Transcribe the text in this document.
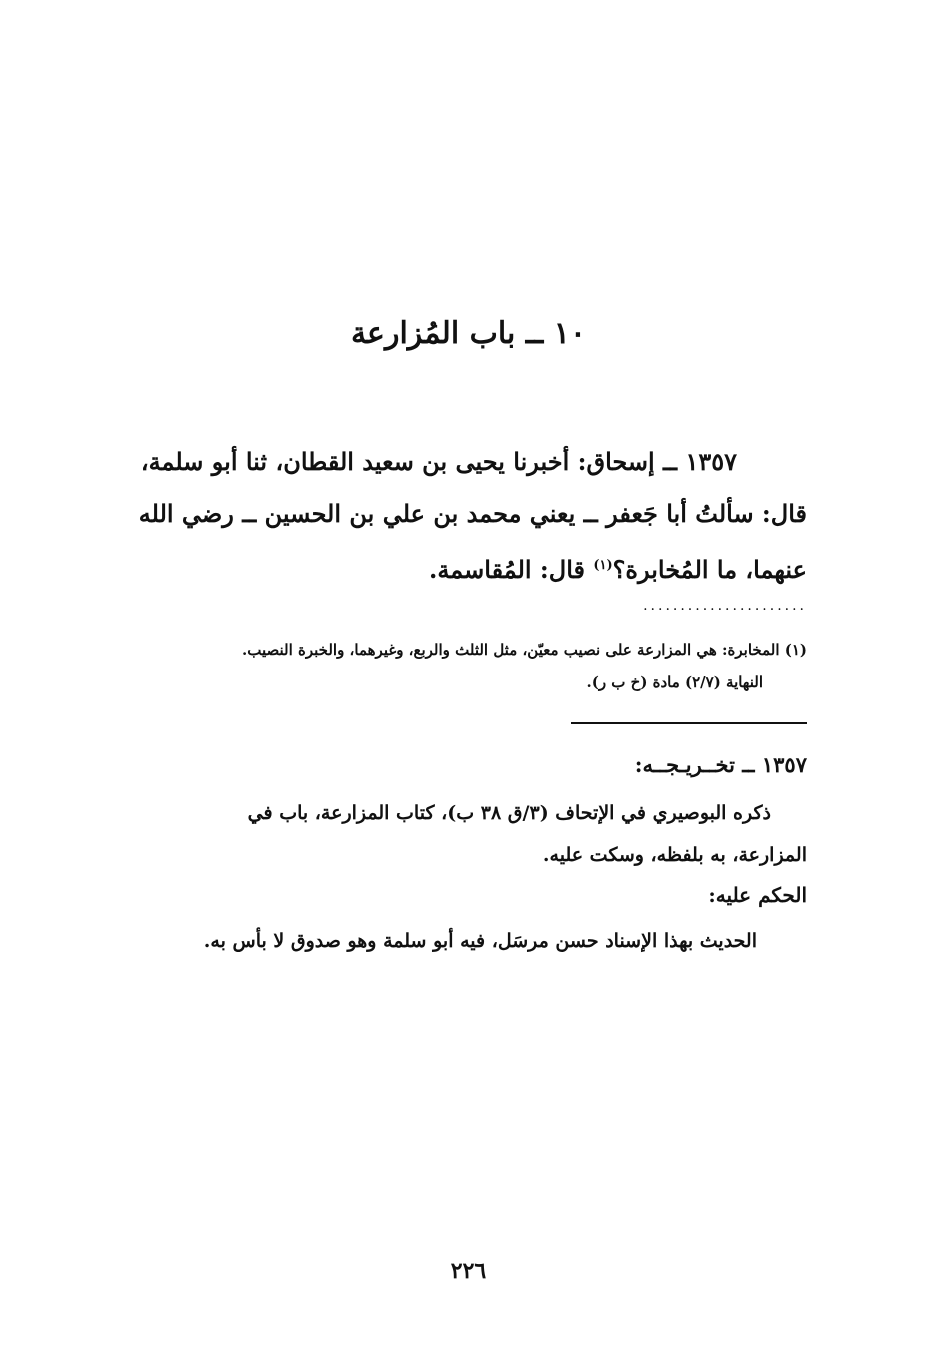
١٠ ــ باب المُزارعة
١٣٥٧ ــ إسحاق: أخبرنا يحيى بن سعيد القطان، ثنا أبو سلمة،
قال: سألتُ أبا جَعفر ــ يعني محمد بن علي بن الحسين ــ رضي الله
عنهما، ما المُخابرة؟$^{(١)}$ قال: المُقاسمة.
......................
(١) المخابرة: هي المزارعة على نصيب معيّن، مثل الثلث والربع، وغيرهما، والخبرة النصيب.
النهاية (٢/٧) مادة (خ ب ر).
١٣٥٧ ــ تخــريـجــه:
ذكره البوصيري في الإتحاف (٣/ق ٣٨ ب)، كتاب المزارعة، باب في
المزارعة، به بلفظه، وسكت عليه.
الحكم عليه:
الحديث بهذا الإسناد حسن مرسَل، فيه أبو سلمة وهو صدوق لا بأس به.
٢٢٦
